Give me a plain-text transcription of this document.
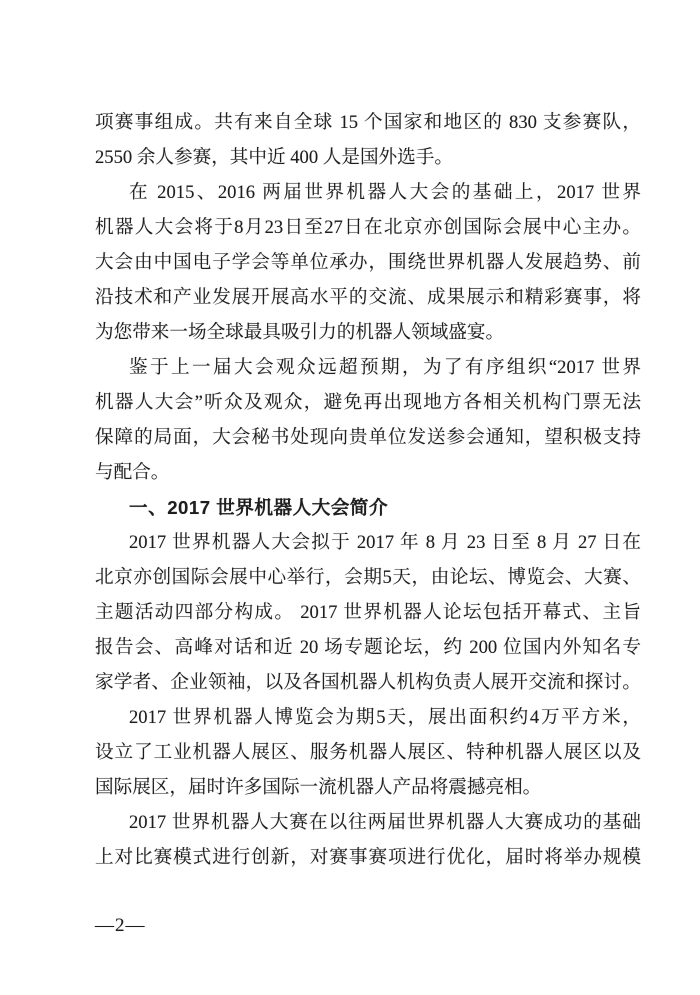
项赛事组成。共有来自全球 15 个国家和地区的 830 支参赛队，
2550 余人参赛，其中近 400 人是国外选手。
在 2015、2016 两届世界机器人大会的基础上，2017 世界
机器人大会将于8月23日至27日在北京亦创国际会展中心主办。
大会由中国电子学会等单位承办，围绕世界机器人发展趋势、前
沿技术和产业发展开展高水平的交流、成果展示和精彩赛事，将
为您带来一场全球最具吸引力的机器人领域盛宴。
鉴于上一届大会观众远超预期，为了有序组织“2017 世界
机器人大会”听众及观众，避免再出现地方各相关机构门票无法
保障的局面，大会秘书处现向贵单位发送参会通知，望积极支持
与配合。
一、2017 世界机器人大会简介
2017 世界机器人大会拟于 2017 年 8 月 23 日至 8 月 27 日在
北京亦创国际会展中心举行，会期5天，由论坛、博览会、大赛、
主题活动四部分构成。 2017 世界机器人论坛包括开幕式、主旨
报告会、高峰对话和近 20 场专题论坛，约 200 位国内外知名专
家学者、企业领袖，以及各国机器人机构负责人展开交流和探讨。
2017 世界机器人博览会为期5天，展出面积约4万平方米，
设立了工业机器人展区、服务机器人展区、特种机器人展区以及
国际展区，届时许多国际一流机器人产品将震撼亮相。
2017 世界机器人大赛在以往两届世界机器人大赛成功的基础
上对比赛模式进行创新，对赛事赛项进行优化，届时将举办规模
—2—
